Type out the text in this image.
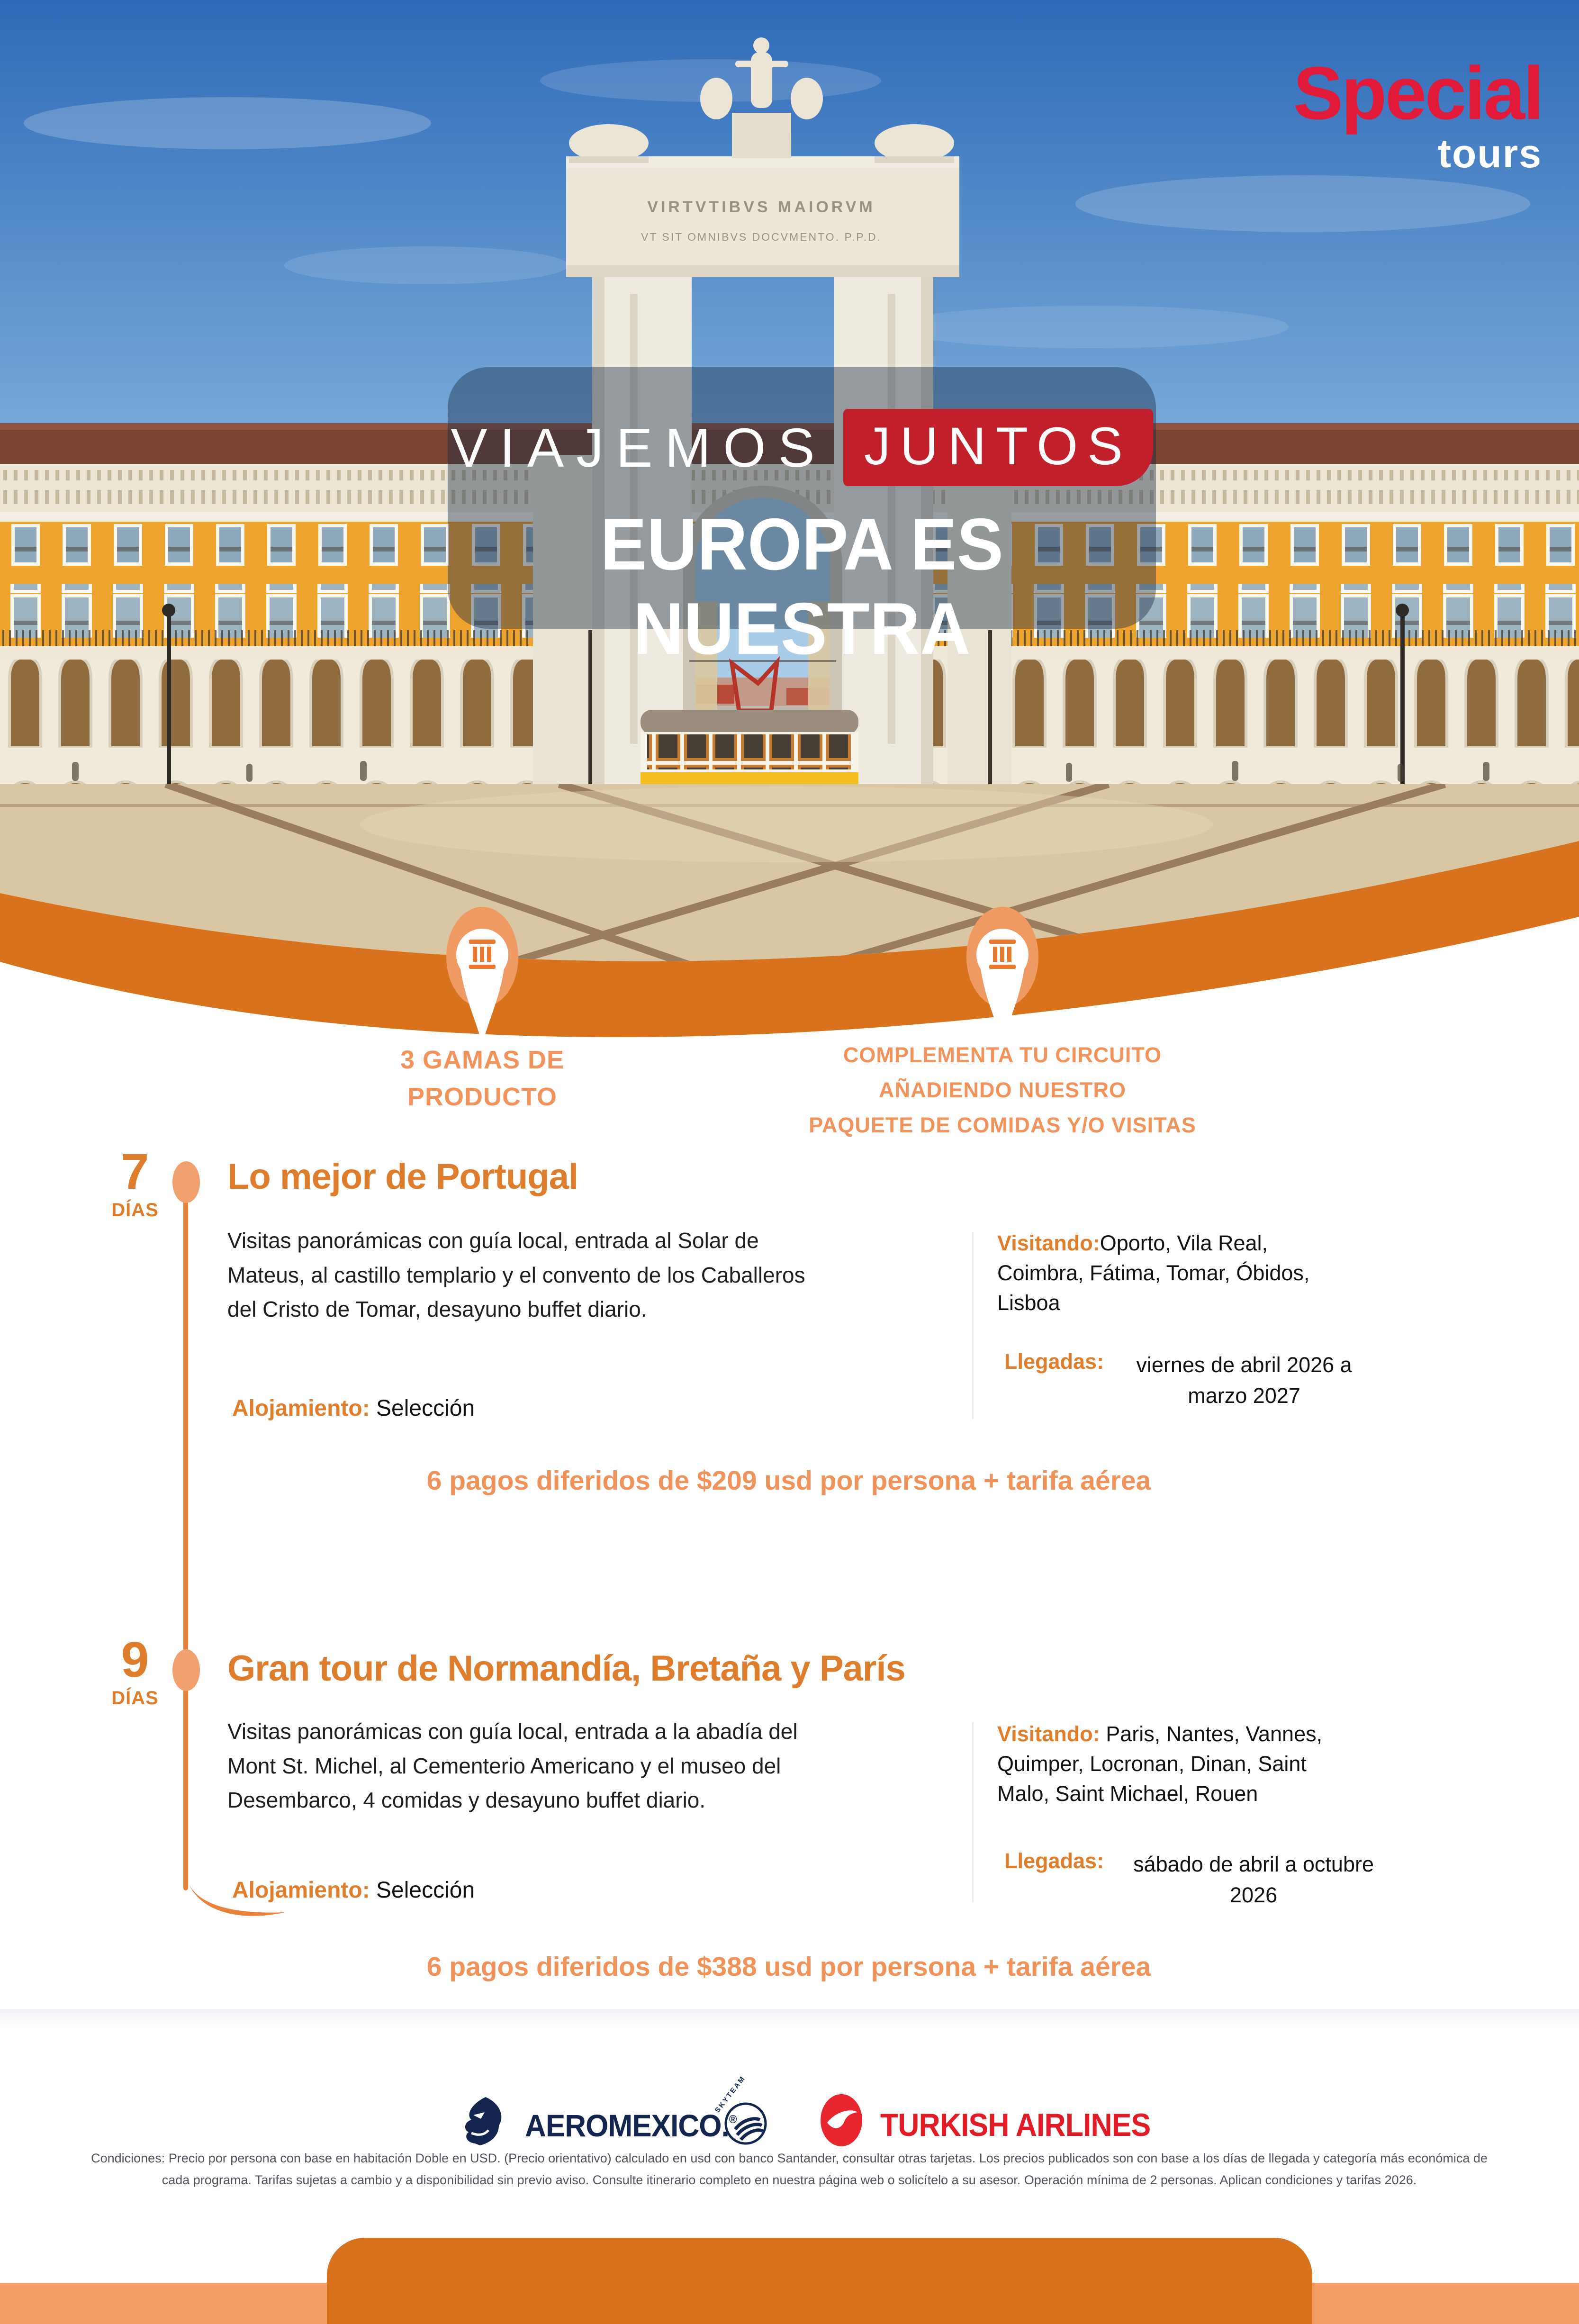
VIRTVTIBVS MAIORVM
VT SIT OMNIBVS DOCVMENTO. P.P.D.
Special
tours
VIAJEMOS JUNTOS
EUROPA ES NUESTRA
3 GAMAS DE
PRODUCTO
COMPLEMENTA TU CIRCUITO
AÑADIENDO NUESTRO
PAQUETE DE COMIDAS Y/O VISITAS
7
DÍAS
Lo mejor de Portugal
Visitas panorámicas con guía local, entrada al Solar de Mateus, al castillo templario y el convento de los Caballeros del Cristo de Tomar, desayuno buffet diario.
Alojamiento: Selección
Visitando:Oporto, Vila Real, Coimbra, Fátima, Tomar, Óbidos, Lisboa
Llegadas:	viernes de abril 2026 a marzo 2027
6 pagos diferidos de $209 usd por persona + tarifa aérea
9
DÍAS
Gran tour de Normandía, Bretaña y París
Visitas panorámicas con guía local, entrada a la abadía del Mont St. Michel, al Cementerio Americano y el museo del Desembarco, 4 comidas y desayuno buffet diario.
Alojamiento: Selección
Visitando: Paris, Nantes, Vannes, Quimper, Locronan, Dinan, Saint Malo, Saint Michael, Rouen
Llegadas:	sábado de abril a octubre 2026
6 pagos diferidos de $388 usd por persona + tarifa aérea
AEROMEXICO.®
SKYTEAM
TURKISH AIRLINES
Condiciones: Precio por persona con base en habitación Doble en USD. (Precio orientativo) calculado en usd con banco Santander, consultar otras tarjetas. Los precios publicados son con base a los días de llegada y categoría más económica de
cada programa. Tarifas sujetas a cambio y a disponibilidad sin previo aviso. Consulte itinerario completo en nuestra página web o solicítelo a su asesor. Operación mínima de 2 personas. Aplican condiciones y tarifas 2026.
